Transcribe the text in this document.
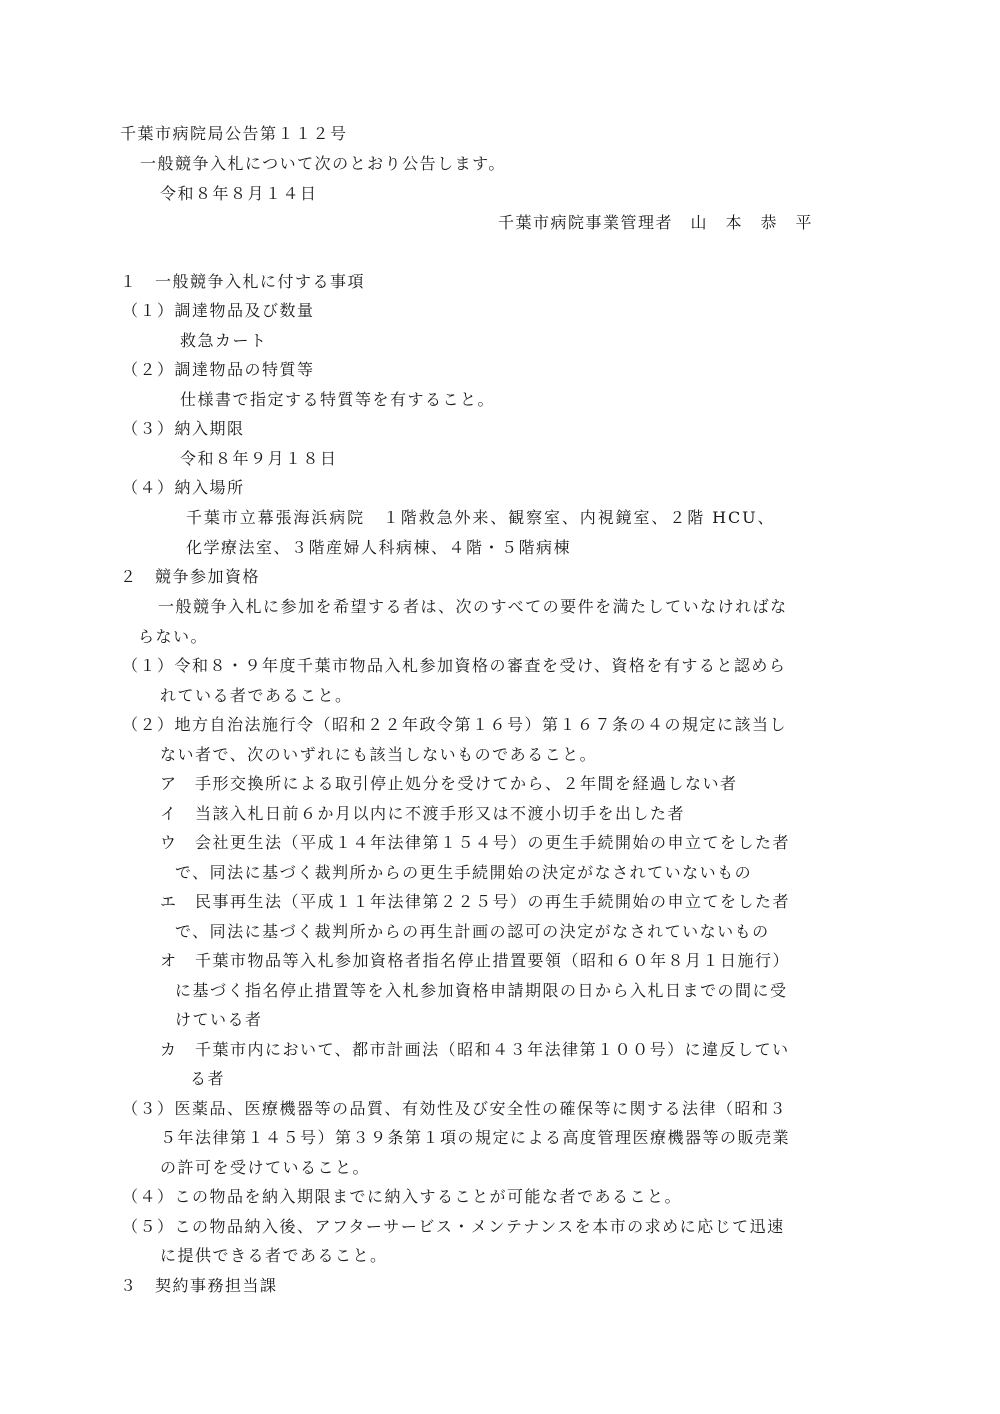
千葉市病院局公告第１１２号
一般競争入札について次のとおり公告します。
令和８年８月１４日
千葉市病院事業管理者　山　本　恭　平
１　一般競争入札に付する事項
（１）調達物品及び数量
救急カート
（２）調達物品の特質等
仕様書で指定する特質等を有すること。
（３）納入期限
令和８年９月１８日
（４）納入場所
千葉市立幕張海浜病院　１階救急外来、観察室、内視鏡室、２階 HCU、
化学療法室、３階産婦人科病棟、４階・５階病棟
２　競争参加資格
一般競争入札に参加を希望する者は、次のすべての要件を満たしていなければな
らない。
（１）令和８・９年度千葉市物品入札参加資格の審査を受け、資格を有すると認めら
れている者であること。
（２）地方自治法施行令（昭和２２年政令第１６号）第１６７条の４の規定に該当し
ない者で、次のいずれにも該当しないものであること。
ア　手形交換所による取引停止処分を受けてから、２年間を経過しない者
イ　当該入札日前６か月以内に不渡手形又は不渡小切手を出した者
ウ　会社更生法（平成１４年法律第１５４号）の更生手続開始の申立てをした者
で、同法に基づく裁判所からの更生手続開始の決定がなされていないもの
エ　民事再生法（平成１１年法律第２２５号）の再生手続開始の申立てをした者
で、同法に基づく裁判所からの再生計画の認可の決定がなされていないもの
オ　千葉市物品等入札参加資格者指名停止措置要領（昭和６０年８月１日施行）
に基づく指名停止措置等を入札参加資格申請期限の日から入札日までの間に受
けている者
カ　千葉市内において、都市計画法（昭和４３年法律第１００号）に違反してい
る者
（３）医薬品、医療機器等の品質、有効性及び安全性の確保等に関する法律（昭和３
５年法律第１４５号）第３９条第１項の規定による高度管理医療機器等の販売業
の許可を受けていること。
（４）この物品を納入期限までに納入することが可能な者であること。
（５）この物品納入後、アフターサービス・メンテナンスを本市の求めに応じて迅速
に提供できる者であること。
３　契約事務担当課
